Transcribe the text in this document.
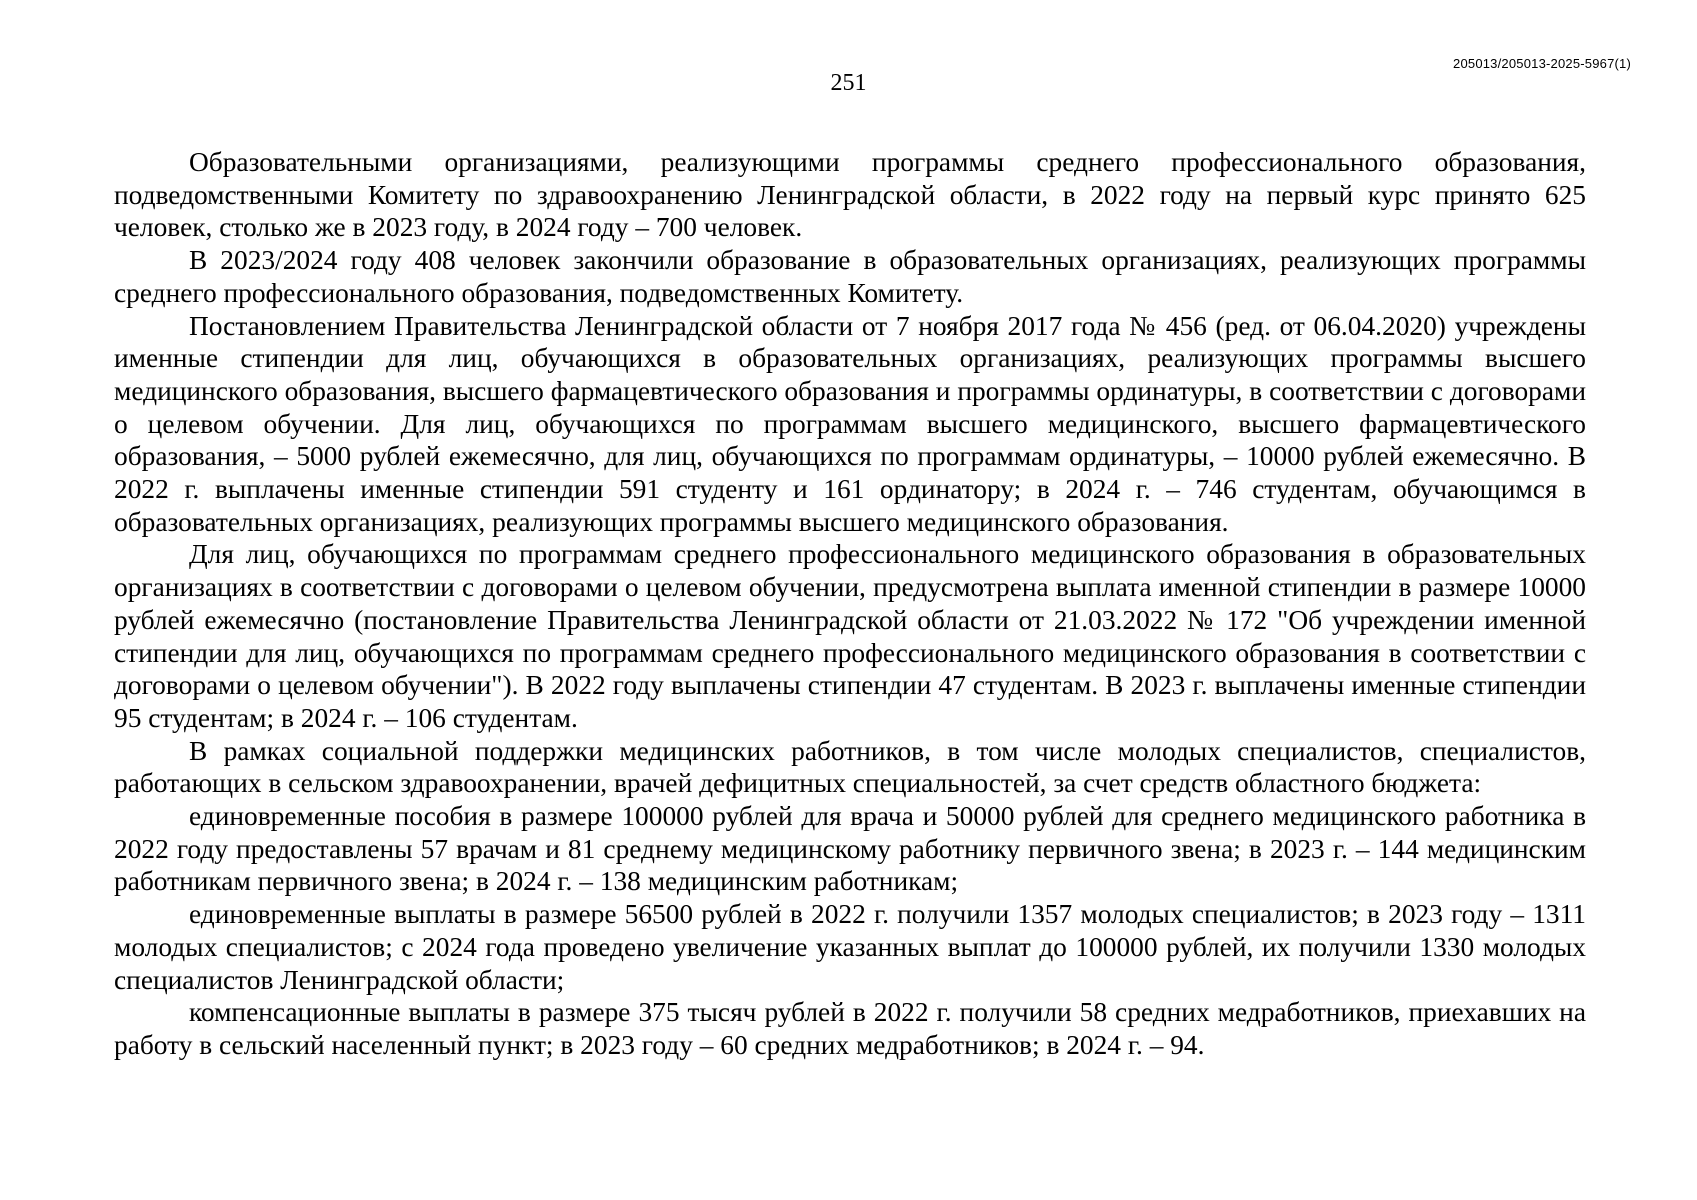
205013/205013-2025-5967(1)
251

Образовательными организациями, реализующими программы среднего профессионального образования, подведомственными Комитету по здравоохранению Ленинградской области, в 2022 году на первый курс принято 625 человек, столько же в 2023 году, в 2024 году – 700 человек.

В 2023/2024 году 408 человек закончили образование в образовательных организациях, реализующих программы среднего профессионального образования, подведомственных Комитету.

Постановлением Правительства Ленинградской области от 7 ноября 2017 года № 456 (ред. от 06.04.2020) учреждены именные стипендии для лиц, обучающихся в образовательных организациях, реализующих программы высшего медицинского образования, высшего фармацевтического образования и программы ординатуры, в соответствии с договорами о целевом обучении. Для лиц, обучающихся по программам высшего медицинского, высшего фармацевтического образования, – 5000 рублей ежемесячно, для лиц, обучающихся по программам ординатуры, – 10000 рублей ежемесячно. В 2022 г. выплачены именные стипендии 591 студенту и 161 ординатору; в 2024 г. – 746 студентам, обучающимся в образовательных организациях, реализующих программы высшего медицинского образования.

Для лиц, обучающихся по программам среднего профессионального медицинского образования в образовательных организациях в соответствии с договорами о целевом обучении, предусмотрена выплата именной стипендии в размере 10000 рублей ежемесячно (постановление Правительства Ленинградской области от 21.03.2022 № 172 "Об учреждении именной стипендии для лиц, обучающихся по программам среднего профессионального медицинского образования в соответствии с договорами о целевом обучении"). В 2022 году выплачены стипендии 47 студентам. В 2023 г. выплачены именные стипендии 95 студентам; в 2024 г. – 106 студентам.

В рамках социальной поддержки медицинских работников, в том числе молодых специалистов, специалистов, работающих в сельском здравоохранении, врачей дефицитных специальностей, за счет средств областного бюджета:

единовременные пособия в размере 100000 рублей для врача и 50000 рублей для среднего медицинского работника в 2022 году предоставлены 57 врачам и 81 среднему медицинскому работнику первичного звена; в 2023 г. – 144 медицинским работникам первичного звена; в 2024 г. – 138 медицинским работникам;

единовременные выплаты в размере 56500 рублей в 2022 г. получили 1357 молодых специалистов; в 2023 году – 1311 молодых специалистов; с 2024 года проведено увеличение указанных выплат до 100000 рублей, их получили 1330 молодых специалистов Ленинградской области;

компенсационные выплаты в размере 375 тысяч рублей в 2022 г. получили 58 средних медработников, приехавших на работу в сельский населенный пункт; в 2023 году – 60 средних медработников; в 2024 г. – 94.
